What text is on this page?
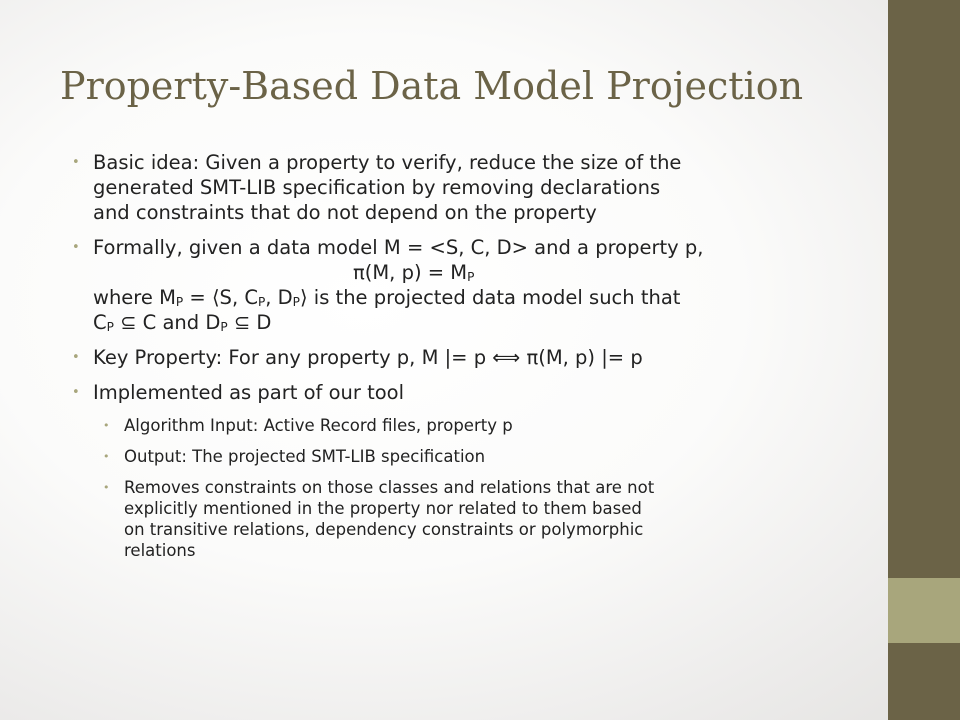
Property-Based Data Model Projection
• Basic idea: Given a property to verify, reduce the size of the
generated SMT-LIB specification by removing declarations
and constraints that do not depend on the property
• Formally, given a data model M = <S, C, D> and a property p,
π(M, $p) = M_P$
where $M_P$ = ⟨S, $C_P$, $D_P⟩$ is the projected data model such that
$C_P$ ⊆ C and $D_P$ ⊆ D
• Key Property: For any property p, M |= p ⟺ π(M, p) |= p
• Implemented as part of our tool
• Algorithm Input: Active Record files, property p
• Output: The projected SMT-LIB specification
• Removes constraints on those classes and relations that are not
explicitly mentioned in the property nor related to them based
on transitive relations, dependency constraints or polymorphic
relations
